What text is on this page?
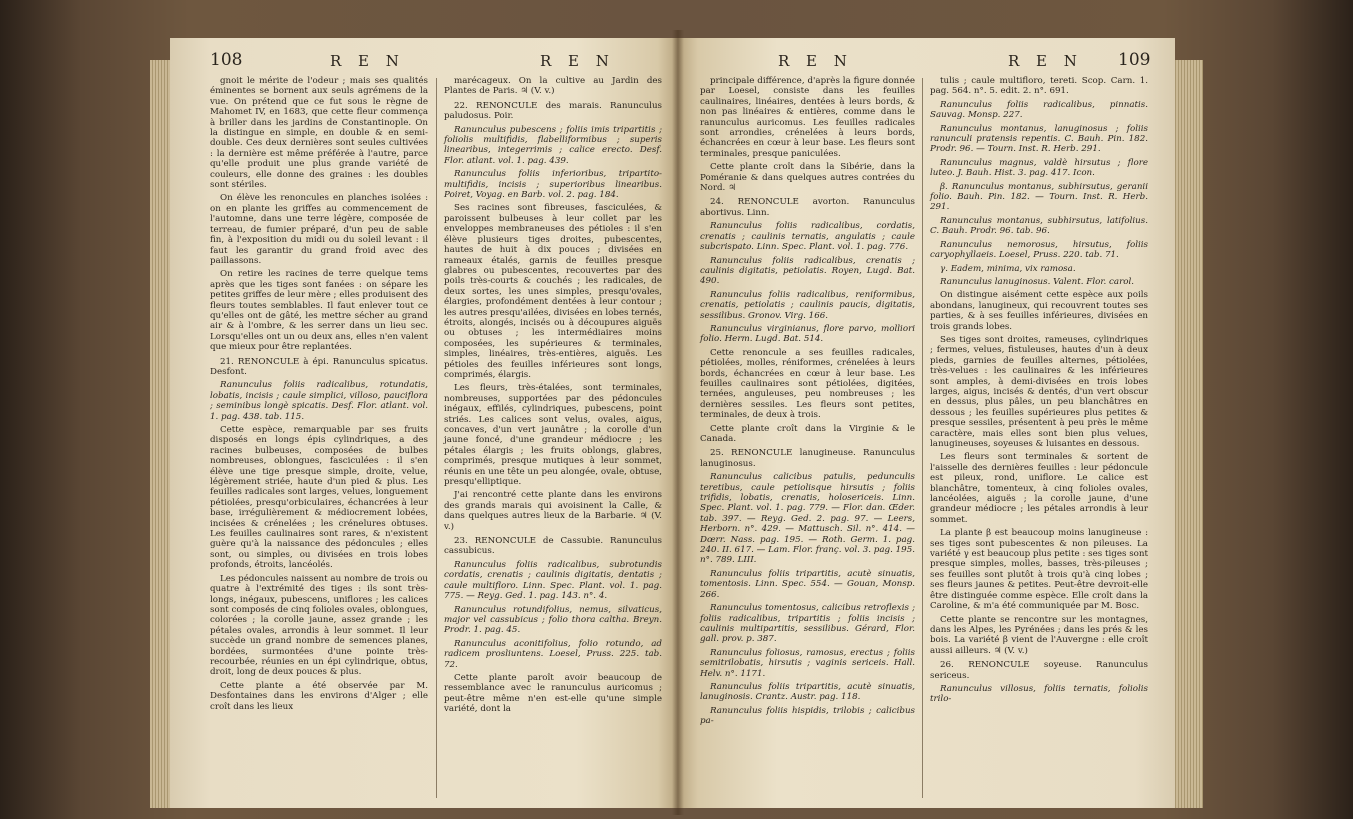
108	R E N	R E N

gnoit le mérite de l'odeur ; mais ses qualités éminentes se bornent aux seuls agrémens de la vue. On prétend que ce fut sous le règne de Mahomet IV, en 1683, que cette fleur commença à briller dans les jardins de Constantinople. On la distingue en simple, en double & en semi-double. Ces deux dernières sont seules cultivées : la dernière est même préférée à l'autre, parce qu'elle produit une plus grande variété de couleurs, elle donne des graines : les doubles sont stériles.

On élève les renoncules en planches isolées : on en plante les griffes au commencement de l'automne, dans une terre légère, composée de terreau, de fumier préparé, d'un peu de sable fin, à l'exposition du midi ou du soleil levant : il faut les garantir du grand froid avec des paillassons.

On retire les racines de terre quelque tems après que les tiges sont fanées : on sépare les petites griffes de leur mère ; elles produisent des fleurs toutes semblables. Il faut enlever tout ce qu'elles ont de gâté, les mettre sécher au grand air & à l'ombre, & les serrer dans un lieu sec. Lorsqu'elles ont un ou deux ans, elles n'en valent que mieux pour être replantées.

21. RENONCULE à épi. Ranunculus spicatus. Desfont.

Ranunculus foliis radicalibus, rotundatis, lobatis, incisis ; caule simplici, villoso, pauciflora ; seminibus longè spicatis. Desf. Flor. atlant. vol. 1. pag. 438. tab. 115.

Cette espèce, remarquable par ses fruits disposés en longs épis cylindriques, a des racines bulbeuses, composées de bulbes nombreuses, oblongues, fasciculées : il s'en élève une tige presque simple, droite, velue, légèrement striée, haute d'un pied & plus. Les feuilles radicales sont larges, velues, longuement pétiolées, presqu'orbiculaires, échancrées à leur base, irrégulièrement & médiocrement lobées, incisées & crénelées ; les crénelures obtuses. Les feuilles caulinaires sont rares, & n'existent guère qu'à la naissance des pédoncules ; elles sont, ou simples, ou divisées en trois lobes profonds, étroits, lancéolés.

Les pédoncules naissent au nombre de trois ou quatre à l'extrémité des tiges : ils sont très-longs, inégaux, pubescens, uniflores ; les calices sont composés de cinq folioles ovales, oblongues, colorées ; la corolle jaune, assez grande ; les pétales ovales, arrondis à leur sommet. Il leur succède un grand nombre de semences planes, bordées, surmontées d'une pointe très-recourbée, réunies en un épi cylindrique, obtus, droit, long de deux pouces & plus.

Cette plante a été observée par M. Desfontaines dans les environs d'Alger ; elle croît dans les lieux

marécageux. On la cultive au Jardin des Plantes de Paris. ♃ (V. v.)

22. RENONCULE des marais. Ranunculus paludosus. Poir.

Ranunculus pubescens ; foliis imis tripartitis ; foliolis multifidis, flabelliformibus ; superis linearibus, integerrimis ; calice erecto. Desf. Flor. atlant. vol. 1. pag. 439.

Ranunculus foliis inferioribus, tripartito-multifidis, incisis ; superioribus linearibus. Poiret, Voyag. en Barb. vol. 2. pag. 184.

Ses racines sont fibreuses, fasciculées, & paroissent bulbeuses à leur collet par les enveloppes membraneuses des pétioles : il s'en élève plusieurs tiges droites, pubescentes, hautes de huit à dix pouces ; divisées en rameaux étalés, garnis de feuilles presque glabres ou pubescentes, recouvertes par des poils très-courts & couchés ; les radicales, de deux sortes, les unes simples, presqu'ovales, élargies, profondément dentées à leur contour ; les autres presqu'ailées, divisées en lobes ternés, étroits, alongés, incisés ou à découpures aiguës ou obtuses ; les intermédiaires moins composées, les supérieures & terminales, simples, linéaires, très-entières, aiguës. Les pétioles des feuilles inférieures sont longs, comprimés, élargis.

Les fleurs, très-étalées, sont terminales, nombreuses, supportées par des pédoncules inégaux, effilés, cylindriques, pubescens, point striés. Les calices sont velus, ovales, aigus, concaves, d'un vert jaunâtre ; la corolle d'un jaune foncé, d'une grandeur médiocre ; les pétales élargis ; les fruits oblongs, glabres, comprimés, presque mutiques à leur sommet, réunis en une tête un peu alongée, ovale, obtuse, presqu'elliptique.

J'ai rencontré cette plante dans les environs des grands marais qui avoisinent la Calle, & dans quelques autres lieux de la Barbarie. ♃ (V. v.)

23. RENONCULE de Cassubie. Ranunculus cassubicus.

Ranunculus foliis radicalibus, subrotundis cordatis, crenatis ; caulinis digitatis, dentatis ; caule multifloro. Linn. Spec. Plant. vol. 1. pag. 775. — Reyg. Ged. 1. pag. 143. n°. 4.

Ranunculus rotundifolius, nemus, silvaticus, major vel cassubicus ; folio thora caltha. Breyn. Prodr. 1. pag. 45.

Ranunculus aconitifolius, folio rotundo, ad radicem prosliuntens. Loesel, Pruss. 225. tab. 72.

Cette plante paroît avoir beaucoup de ressemblance avec le ranunculus auricomus ; peut-être même n'en est-elle qu'une simple variété, dont la

R E N	R E N 109

principale différence, d'après la figure donnée par Loesel, consiste dans les feuilles caulinaires, linéaires, dentées à leurs bords, & non pas linéaires & entières, comme dans le ranunculus auricomus. Les feuilles radicales sont arrondies, crénelées à leurs bords, échancrées en cœur à leur base. Les fleurs sont terminales, presque paniculées.

Cette plante croît dans la Sibérie, dans la Poméranie & dans quelques autres contrées du Nord. ♃

24. RENONCULE avorton. Ranunculus abortivus. Linn.

Ranunculus foliis radicalibus, cordatis, crenatis ; caulinis ternatis, angulatis ; caule subcrispato. Linn. Spec. Plant. vol. 1. pag. 776.

Ranunculus foliis radicalibus, crenatis ; caulinis digitatis, petiolatis. Royen, Lugd. Bat. 490.

Ranunculus foliis radicalibus, reniformibus, crenatis, petiolatis ; caulinis paucis, digitatis, sessilibus. Gronov. Virg. 166.

Ranunculus virginianus, flore parvo, molliori folio. Herm. Lugd. Bat. 514.

Cette renoncule a ses feuilles radicales, pétiolées, molles, réniformes, crénelées à leurs bords, échancrées en cœur à leur base. Les feuilles caulinaires sont pétiolées, digitées, ternées, anguleuses, peu nombreuses ; les dernières sessiles. Les fleurs sont petites, terminales, de deux à trois.

Cette plante croît dans la Virginie & le Canada.

25. RENONCULE lanugineuse. Ranunculus lanuginosus.

Ranunculus calicibus patulis, pedunculis teretibus, caule petiolisque hirsutis ; foliis trifidis, lobatis, crenatis, holosericeis. Linn. Spec. Plant. vol. 1. pag. 779. — Flor. dan. Œder. tab. 397. — Reyg. Ged. 2. pag. 97. — Leers, Herborn. n°. 429. — Mattusch. Sil. n°. 414. — Dœrr. Nass. pag. 195. — Roth. Germ. 1. pag. 240. II. 617. — Lam. Flor. franç. vol. 3. pag. 195. n°. 789. LIII.

Ranunculus foliis tripartitis, acutè sinuatis, tomentosis. Linn. Spec. 554. — Gouan, Monsp. 266.

Ranunculus tomentosus, calicibus retroflexis ; foliis radicalibus, tripartitis ; foliis incisis ; caulinis multipartitis, sessilibus. Gérard, Flor. gall. prov. p. 387.

Ranunculus foliosus, ramosus, erectus ; foliis semitrilobatis, hirsutis ; vaginis sericeis. Hall. Helv. n°. 1171.

Ranunculus foliis tripartitis, acutè sinuatis, lanuginosis. Crantz. Austr. pag. 118.

Ranunculus foliis hispidis, trilobis ; calicibus pa-

tulis ; caule multifloro, tereti. Scop. Carn. 1. pag. 564. n°. 5. edit. 2. n°. 691.

Ranunculus foliis radicalibus, pinnatis. Sauvag. Monsp. 227.

Ranunculus montanus, lanuginosus ; foliis ranunculi pratensis repentis. C. Bauh. Pin. 182. Prodr. 96. — Tourn. Inst. R. Herb. 291.

Ranunculus magnus, valdè hirsutus ; flore luteo. J. Bauh. Hist. 3. pag. 417. Icon.

β. Ranunculus montanus, subhirsutus, geranii folio. Bauh. Pin. 182. — Tourn. Inst. R. Herb. 291.

Ranunculus montanus, subhirsutus, latifolius. C. Bauh. Prodr. 96. tab. 96.

Ranunculus nemorosus, hirsutus, foliis caryophyllaeis. Loesel, Pruss. 220. tab. 71.

γ. Eadem, minima, vix ramosa.

Ranunculus lanuginosus. Valent. Flor. carol.

On distingue aisément cette espèce aux poils abondans, lanugineux, qui recouvrent toutes ses parties, & à ses feuilles inférieures, divisées en trois grands lobes.

Ses tiges sont droites, rameuses, cylindriques ; fermes, velues, fistuleuses, hautes d'un à deux pieds, garnies de feuilles alternes, pétiolées, très-velues : les caulinaires & les inférieures sont amples, à demi-divisées en trois lobes larges, aigus, incisés & dentés, d'un vert obscur en dessus, plus pâles, un peu blanchâtres en dessous ; les feuilles supérieures plus petites & presque sessiles, présentent à peu près le même caractère, mais elles sont bien plus velues, lanugineuses, soyeuses & luisantes en dessous.

Les fleurs sont terminales & sortent de l'aisselle des dernières feuilles : leur pédoncule est pileux, rond, uniflore. Le calice est blanchâtre, tomenteux, à cinq folioles ovales, lancéolées, aiguës ; la corolle jaune, d'une grandeur médiocre ; les pétales arrondis à leur sommet.

La plante β est beaucoup moins lanugineuse : ses tiges sont pubescentes & non pileuses. La variété γ est beaucoup plus petite : ses tiges sont presque simples, molles, basses, très-pileuses ; ses feuilles sont plutôt à trois qu'à cinq lobes ; ses fleurs jaunes & petites. Peut-être devroit-elle être distinguée comme espèce. Elle croît dans la Caroline, & m'a été communiquée par M. Bosc.

Cette plante se rencontre sur les montagnes, dans les Alpes, les Pyrénées ; dans les prés & les bois. La variété β vient de l'Auvergne : elle croît aussi ailleurs. ♃ (V. v.)

26. RENONCULE soyeuse. Ranunculus sericeus.

Ranunculus villosus, foliis ternatis, foliolis trilo-
